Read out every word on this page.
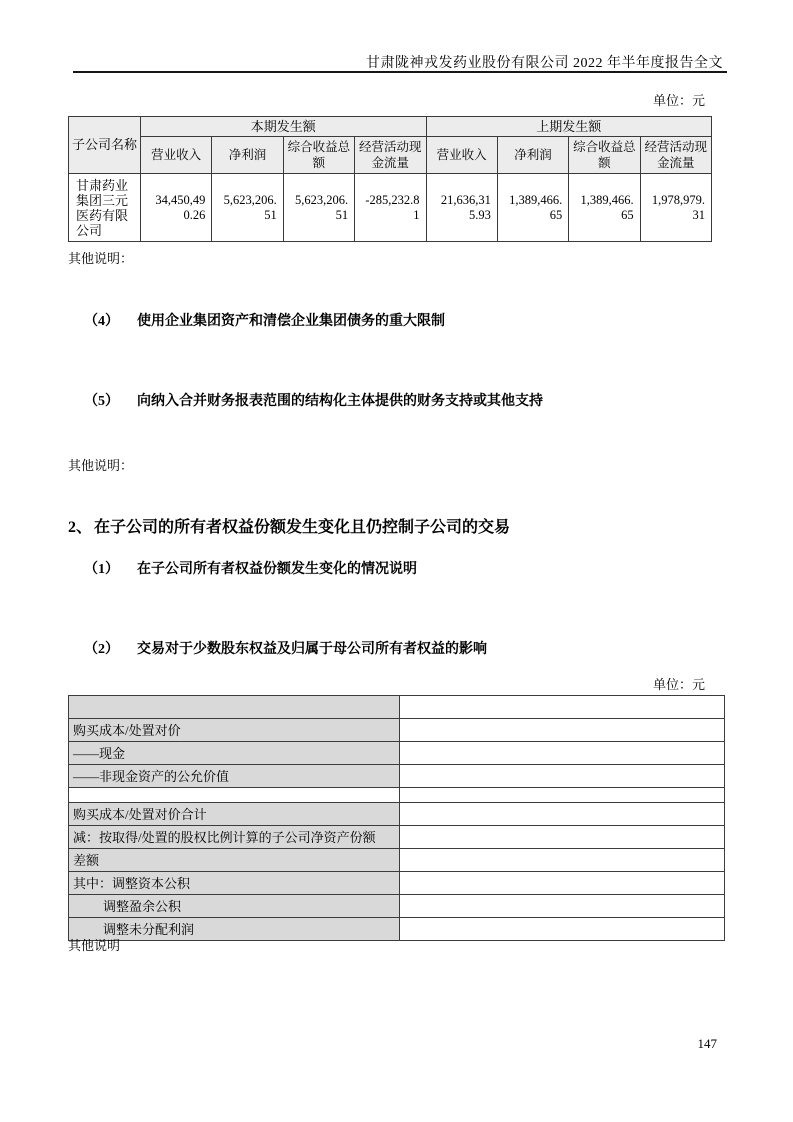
甘肃陇神戎发药业股份有限公司 2022 年半年度报告全文
单位：元
子公司名称	本期发生额				上期发生额			
	营业收入	净利润	综合收益总额	经营活动现金流量	营业收入	净利润	综合收益总额	经营活动现金流量
甘肃药业集团三元医药有限公司	34,450,490.26	5,623,206.51	5,623,206.51	-285,232.81	21,636,315.93	1,389,466.65	1,389,466.65	1,978,979.31
其他说明：
（4） 使用企业集团资产和清偿企业集团债务的重大限制
（5） 向纳入合并财务报表范围的结构化主体提供的财务支持或其他支持
其他说明：
2、 在子公司的所有者权益份额发生变化且仍控制子公司的交易
（1） 在子公司所有者权益份额发生变化的情况说明
（2） 交易对于少数股东权益及归属于母公司所有者权益的影响
单位：元

购买成本/处置对价	
——现金	
——非现金资产的公允价值	

购买成本/处置对价合计	
减：按取得/处置的股权比例计算的子公司净资产份额	
差额	
其中：调整资本公积	
调整盈余公积	
调整未分配利润	
其他说明
147
